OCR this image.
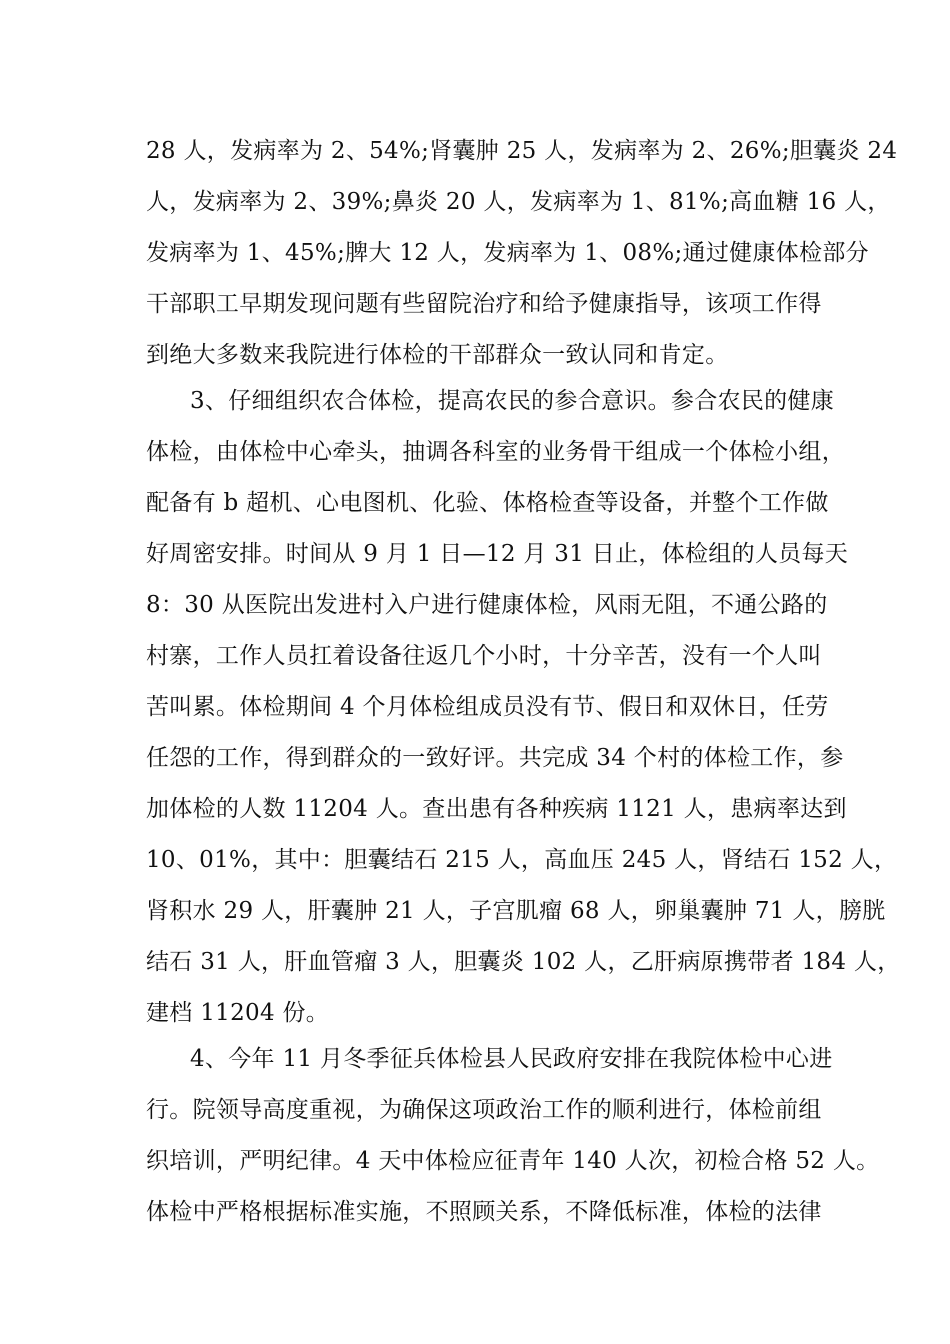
28 人，发病率为 2、54%;肾囊肿 25 人，发病率为 2、26%;胆囊炎 24
人，发病率为 2、39%;鼻炎 20 人，发病率为 1、81%;高血糖 16 人，
发病率为 1、45%;脾大 12 人，发病率为 1、08%;通过健康体检部分
干部职工早期发现问题有些留院治疗和给予健康指导，该项工作得
到绝大多数来我院进行体检的干部群众一致认同和肯定。
3、仔细组织农合体检，提高农民的参合意识。参合农民的健康
体检，由体检中心牵头，抽调各科室的业务骨干组成一个体检小组，
配备有 b 超机、心电图机、化验、体格检查等设备，并整个工作做
好周密安排。时间从 9 月 1 日—12 月 31 日止，体检组的人员每天
8：30 从医院出发进村入户进行健康体检，风雨无阻，不通公路的
村寨，工作人员扛着设备往返几个小时，十分辛苦，没有一个人叫
苦叫累。体检期间 4 个月体检组成员没有节、假日和双休日，任劳
任怨的工作，得到群众的一致好评。共完成 34 个村的体检工作，参
加体检的人数 11204 人。查出患有各种疾病 1121 人，患病率达到
10、01%，其中：胆囊结石 215 人，高血压 245 人，肾结石 152 人，
肾积水 29 人，肝囊肿 21 人，子宫肌瘤 68 人，卵巢囊肿 71 人，膀胱
结石 31 人，肝血管瘤 3 人，胆囊炎 102 人，乙肝病原携带者 184 人，
建档 11204 份。
4、今年 11 月冬季征兵体检县人民政府安排在我院体检中心进
行。院领导高度重视，为确保这项政治工作的顺利进行，体检前组
织培训，严明纪律。4 天中体检应征青年 140 人次，初检合格 52 人。
体检中严格根据标准实施，不照顾关系，不降低标准，体检的法律
